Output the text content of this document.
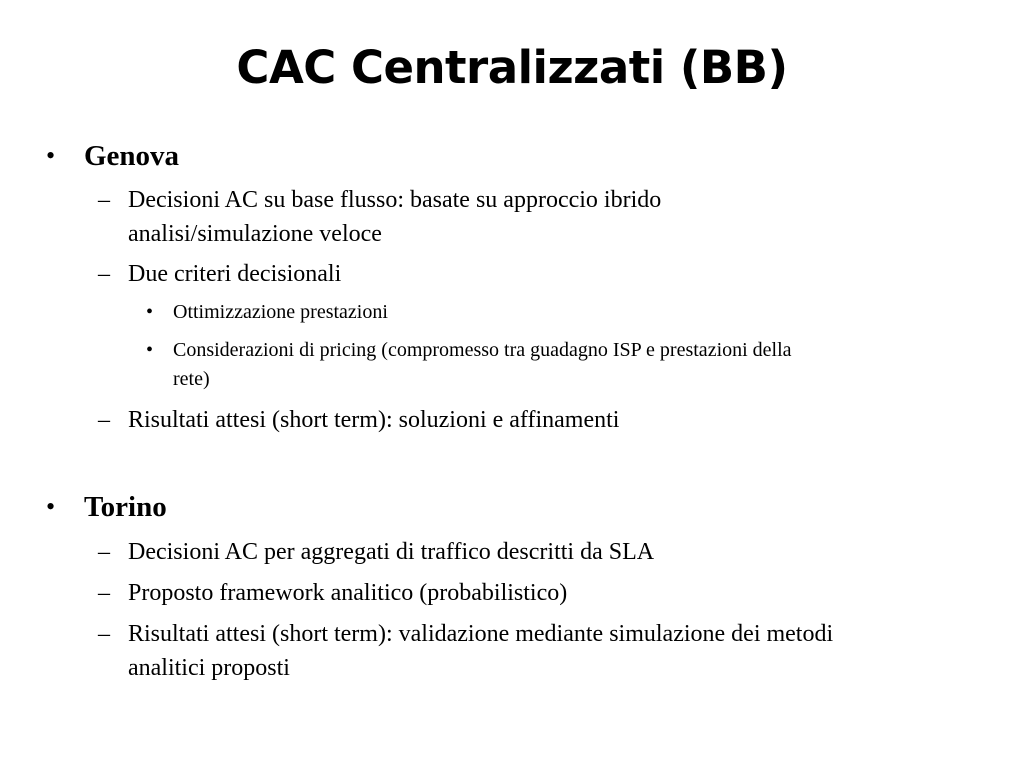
CAC Centralizzati (BB)
• Genova
– Decisioni AC su base flusso: basate su approccio ibrido
analisi/simulazione veloce
– Due criteri decisionali
• Ottimizzazione prestazioni
• Considerazioni di pricing (compromesso tra guadagno ISP e prestazioni della
rete)
– Risultati attesi (short term): soluzioni e affinamenti
• Torino
– Decisioni AC per aggregati di traffico descritti da SLA
– Proposto framework analitico (probabilistico)
– Risultati attesi (short term): validazione mediante simulazione dei metodi
analitici proposti
